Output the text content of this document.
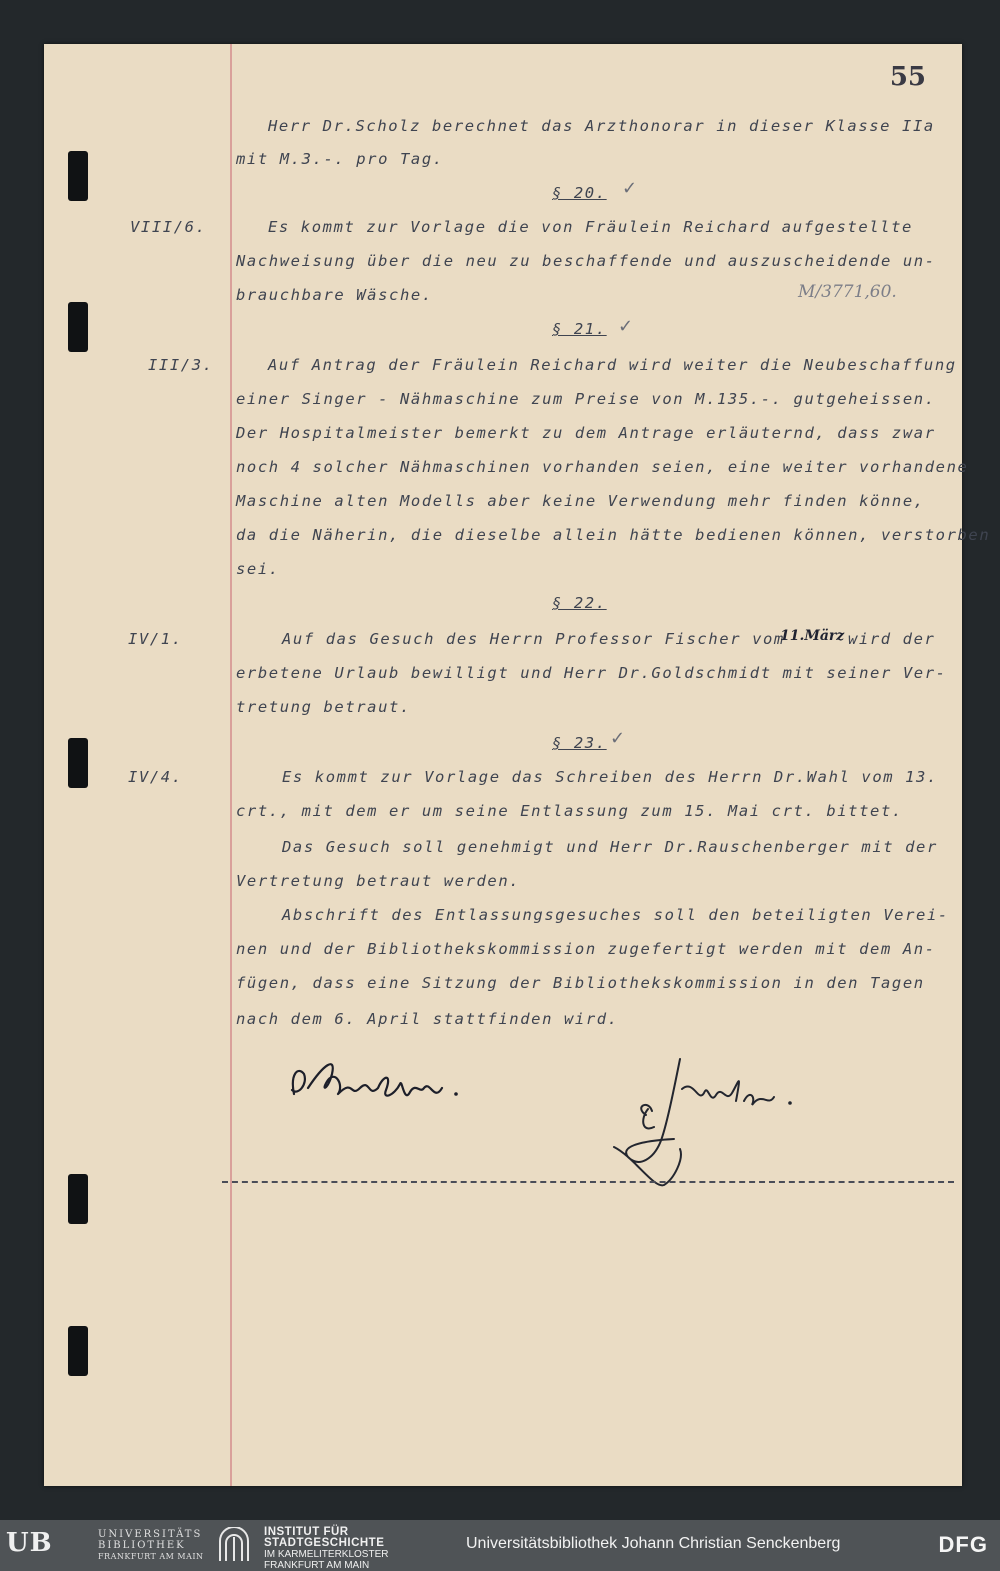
55
Herr Dr.Scholz berechnet das Arzthonorar in dieser Klasse IIa
mit M.3.-. pro Tag.
§ 20. ✓
VIII/6.	Es kommt zur Vorlage die von Fräulein Reichard aufgestellte
Nachweisung über die neu zu beschaffende und auszuscheidende un-
brauchbare Wäsche.	M/3771,60.
§ 21. ✓
III/3.	Auf Antrag der Fräulein Reichard wird weiter die Neubeschaffung
einer Singer - Nähmaschine zum Preise von M.135.-. gutgeheissen.
Der Hospitalmeister bemerkt zu dem Antrage erläuternd, dass zwar
noch 4 solcher Nähmaschinen vorhanden seien, eine weiter vorhandene
Maschine alten Modells aber keine Verwendung mehr finden könne,
da die Näherin, die dieselbe allein hätte bedienen können, verstorben
sei.
§ 22.
IV/1.	Auf das Gesuch des Herrn Professor Fischer vom
11.März wird der
erbetene Urlaub bewilligt und Herr Dr.Goldschmidt mit seiner Ver-
tretung betraut.
§ 23. ✓
IV/4.	Es kommt zur Vorlage das Schreiben des Herrn Dr.Wahl vom 13.
crt., mit dem er um seine Entlassung zum 15. Mai crt. bittet.
Das Gesuch soll genehmigt und Herr Dr.Rauschenberger mit der
Vertretung betraut werden.
Abschrift des Entlassungsgesuches soll den beteiligten Verei-
nen und der Bibliothekskommission zugefertigt werden mit dem An-
fügen, dass eine Sitzung der Bibliothekskommission in den Tagen
nach dem 6. April stattfinden wird.
UB	UNIVERSITÄTS
BIBLIOTHEK
FRANKFURT AM MAIN
INSTITUT FÜR
STADTGESCHICHTE
IM KARMELITERKLOSTER
FRANKFURT AM MAIN
Universitätsbibliothek Johann Christian Senckenberg	DFG
